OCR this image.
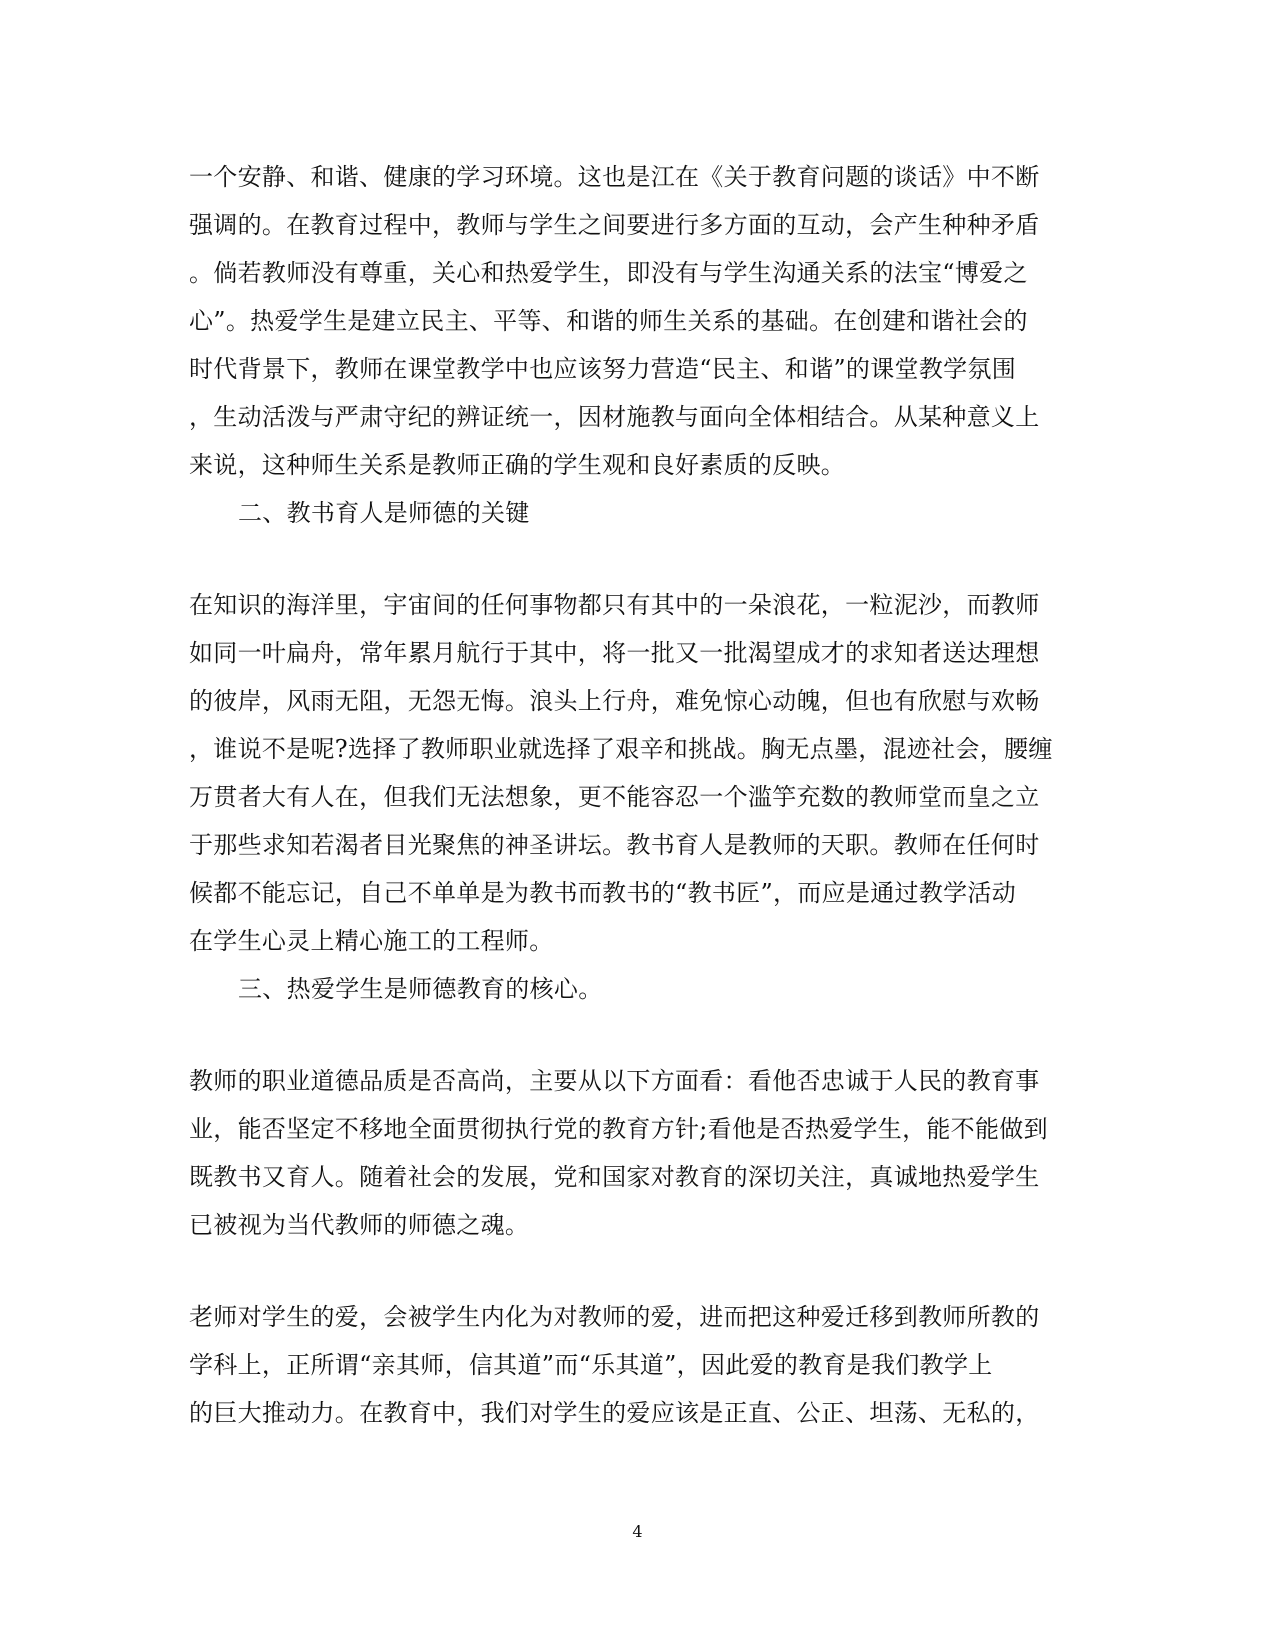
一个安静、和谐、健康的学习环境。这也是江在《关于教育问题的谈话》中不断
强调的。在教育过程中，教师与学生之间要进行多方面的互动，会产生种种矛盾
。倘若教师没有尊重，关心和热爱学生，即没有与学生沟通关系的法宝“博爱之
心”。热爱学生是建立民主、平等、和谐的师生关系的基础。在创建和谐社会的
时代背景下，教师在课堂教学中也应该努力营造“民主、和谐”的课堂教学氛围
，生动活泼与严肃守纪的辨证统一，因材施教与面向全体相结合。从某种意义上
来说，这种师生关系是教师正确的学生观和良好素质的反映。
二、教书育人是师德的关键
在知识的海洋里，宇宙间的任何事物都只有其中的一朵浪花，一粒泥沙，而教师
如同一叶扁舟，常年累月航行于其中，将一批又一批渴望成才的求知者送达理想
的彼岸，风雨无阻，无怨无悔。浪头上行舟，难免惊心动魄，但也有欣慰与欢畅
，谁说不是呢?选择了教师职业就选择了艰辛和挑战。胸无点墨，混迹社会，腰缠
万贯者大有人在，但我们无法想象，更不能容忍一个滥竽充数的教师堂而皇之立
于那些求知若渴者目光聚焦的神圣讲坛。教书育人是教师的天职。教师在任何时
候都不能忘记，自己不单单是为教书而教书的“教书匠”，而应是通过教学活动
在学生心灵上精心施工的工程师。
三、热爱学生是师德教育的核心。
教师的职业道德品质是否高尚，主要从以下方面看：看他否忠诚于人民的教育事
业，能否坚定不移地全面贯彻执行党的教育方针;看他是否热爱学生，能不能做到
既教书又育人。随着社会的发展，党和国家对教育的深切关注，真诚地热爱学生
已被视为当代教师的师德之魂。
老师对学生的爱，会被学生内化为对教师的爱，进而把这种爱迁移到教师所教的
学科上，正所谓“亲其师，信其道”而“乐其道”，因此爱的教育是我们教学上
的巨大推动力。在教育中，我们对学生的爱应该是正直、公正、坦荡、无私的，
4
